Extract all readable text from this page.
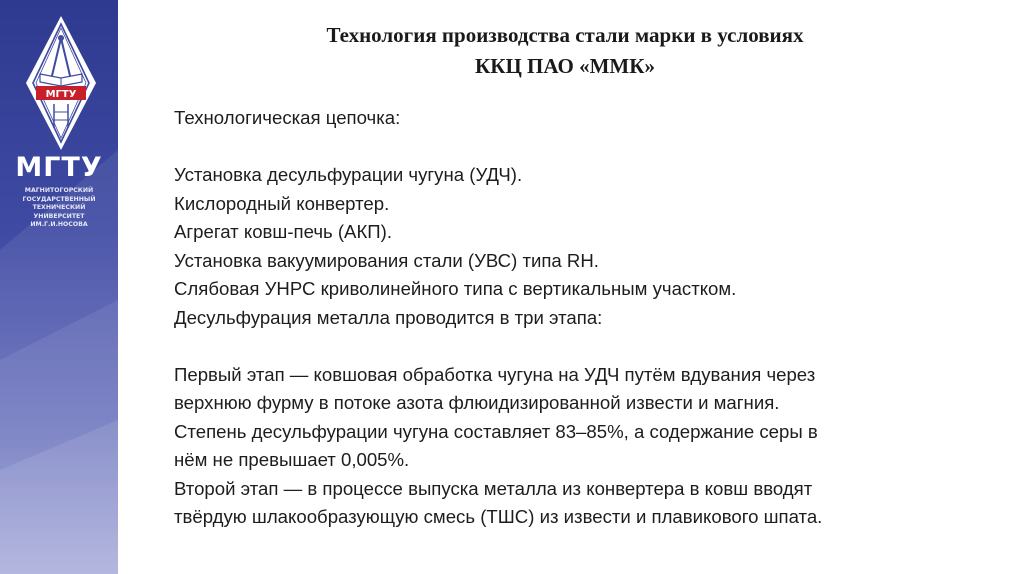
МГТУ
МГТУ
МАГНИТОГОРСКИЙ
ГОСУДАРСТВЕННЫЙ
ТЕХНИЧЕСКИЙ
УНИВЕРСИТЕТ
ИМ.Г.И.НОСОВА
Технология производства стали марки в условиях
ККЦ ПАО «ММК»
Технологическая цепочка:
Установка десульфурации чугуна (УДЧ).
Кислородный конвертер.
Агрегат ковш-печь (АКП).
Установка вакуумирования стали (УВС) типа RH.
Слябовая УНРС криволинейного типа с вертикальным участком.
Десульфурация металла проводится в три этапа:
Первый этап — ковшовая обработка чугуна на УДЧ путём вдувания через
верхнюю фурму в потоке азота флюидизированной извести и магния.
Степень десульфурации чугуна составляет 83–85%, а содержание серы в
нём не превышает 0,005%.
Второй этап — в процессе выпуска металла из конвертера в ковш вводят
твёрдую шлакообразующую смесь (ТШС) из извести и плавикового шпата.
